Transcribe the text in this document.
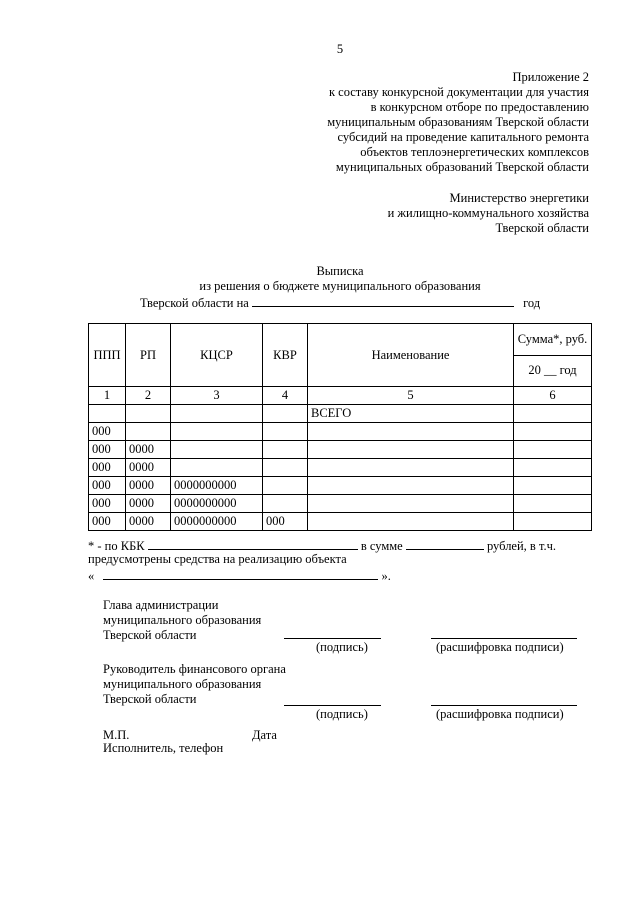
5
Приложение 2
к составу конкурсной документации для участия
в конкурсном отборе по предоставлению
муниципальным образованиям Тверской области
субсидий на проведение капитального ремонта
объектов теплоэнергетических комплексов
муниципальных образований Тверской области
Министерство энергетики
и жилищно-коммунального хозяйства
Тверской области
Выписка
из решения о бюджете муниципального образования
Тверской области на	год
ППП	РП	КЦСР	КВР	Наименование	Сумма*, руб.
					20 __ год
1	2	3	4	5	6
				ВСЕГО	
000					
000	0000				
000	0000				
000	0000	0000000000			
000	0000	0000000000			
000	0000	0000000000	000		
* - по КБК	в сумме	рублей, в т.ч.
предусмотрены средства на реализацию объекта
«	».
Глава администрации
муниципального образования
Тверской области
(подпись)	(расшифровка подписи)
Руководитель финансового органа
муниципального образования
Тверской области
(подпись)	(расшифровка подписи)
М.П.	Дата
Исполнитель, телефон
